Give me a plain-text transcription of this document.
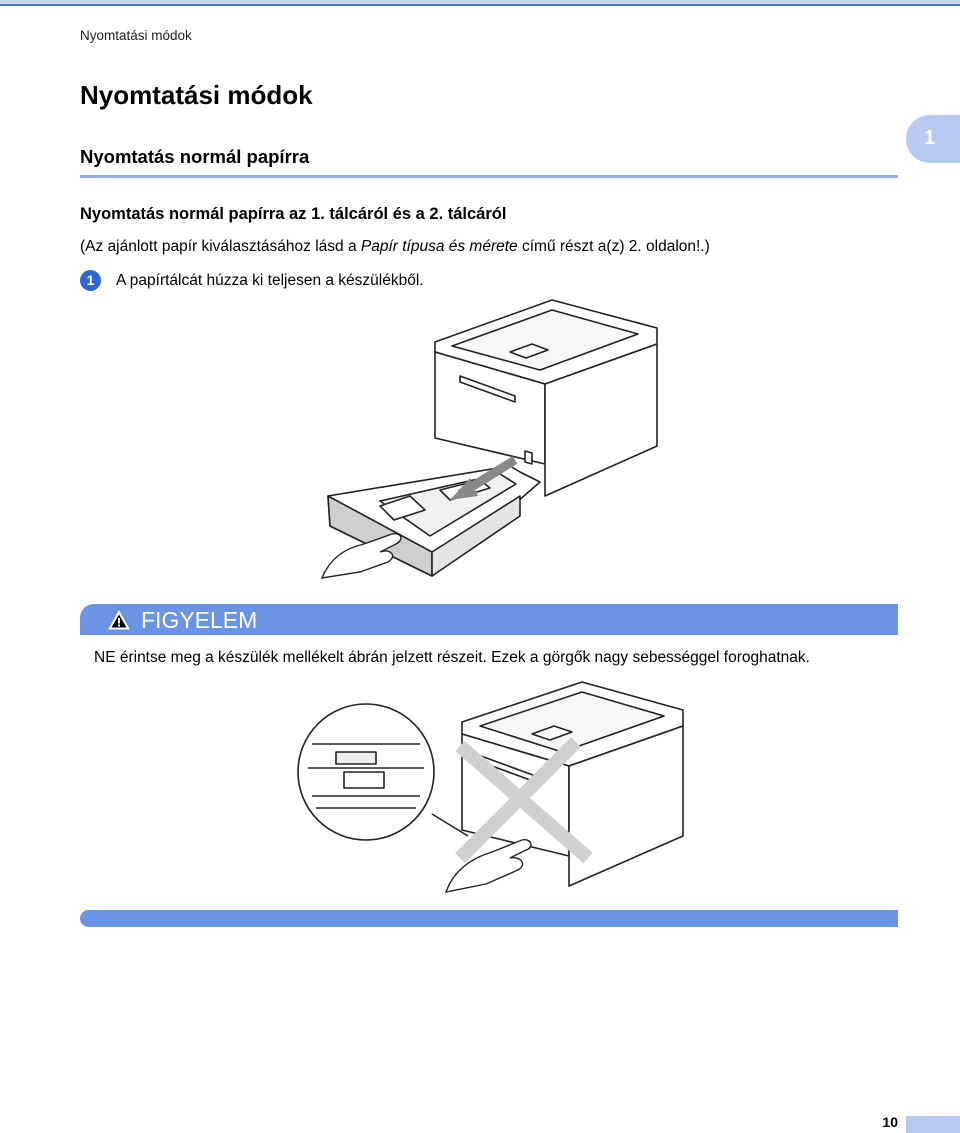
Nyomtatási módok
Nyomtatási módok
1
Nyomtatás normál papírra
Nyomtatás normál papírra az 1. tálcáról és a 2. tálcáról
(Az ajánlott papír kiválasztásához lásd a Papír típusa és mérete című részt a(z) 2. oldalon!.)
1	A papírtálcát húzza ki teljesen a készülékből.
FIGYELEM
NE érintse meg a készülék mellékelt ábrán jelzett részeit. Ezek a görgők nagy sebességgel foroghatnak.
10
